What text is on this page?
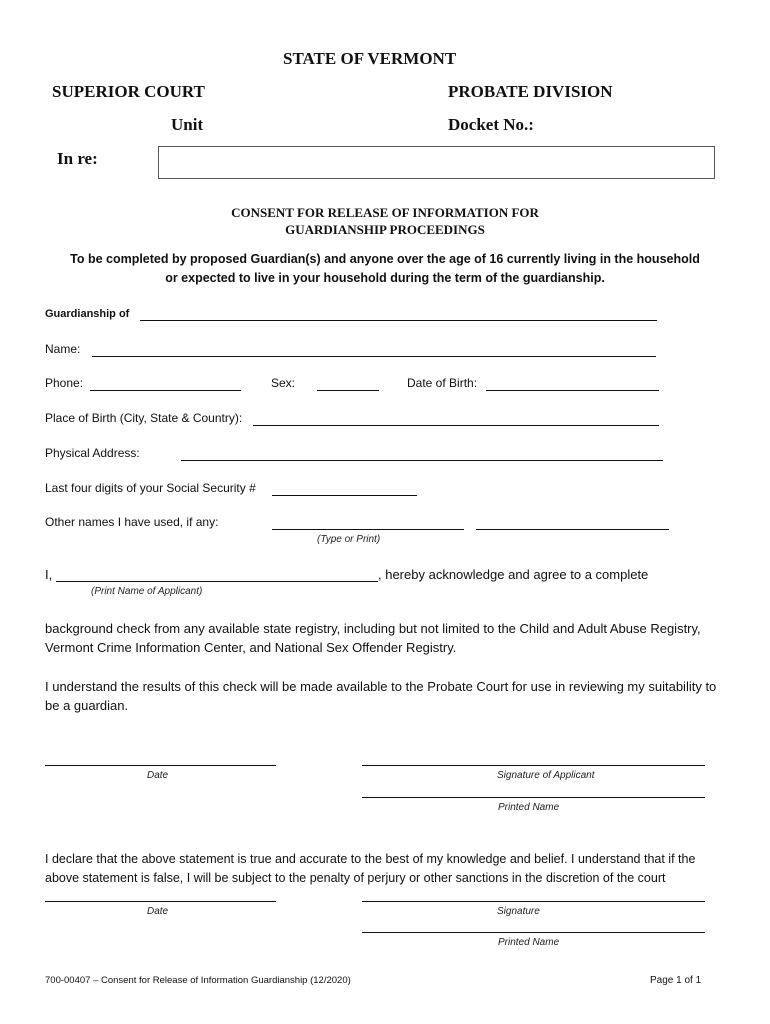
STATE OF VERMONT
SUPERIOR COURT	PROBATE DIVISION
Unit	Docket No.:
In re:
CONSENT FOR RELEASE OF INFORMATION FOR
GUARDIANSHIP PROCEEDINGS
To be completed by proposed Guardian(s) and anyone over the age of 16 currently living in the household
or expected to live in your household during the term of the guardianship.
Guardianship of
Name:
Phone:	Sex:	Date of Birth:
Place of Birth (City, State & Country):
Physical Address:
Last four digits of your Social Security #
Other names I have used, if any:
(Type or Print)
I,	, hereby acknowledge and agree to a complete
(Print Name of Applicant)
background check from any available state registry, including but not limited to the Child and Adult Abuse Registry, Vermont Crime Information Center, and National Sex Offender Registry.
I understand the results of this check will be made available to the Probate Court for use in reviewing my suitability to be a guardian.
Date	Signature of Applicant
Printed Name
I declare that the above statement is true and accurate to the best of my knowledge and belief. I understand that if the above statement is false, I will be subject to the penalty of perjury or other sanctions in the discretion of the court
Date	Signature
Printed Name
700-00407 – Consent for Release of Information Guardianship (12/2020)	Page 1 of 1
